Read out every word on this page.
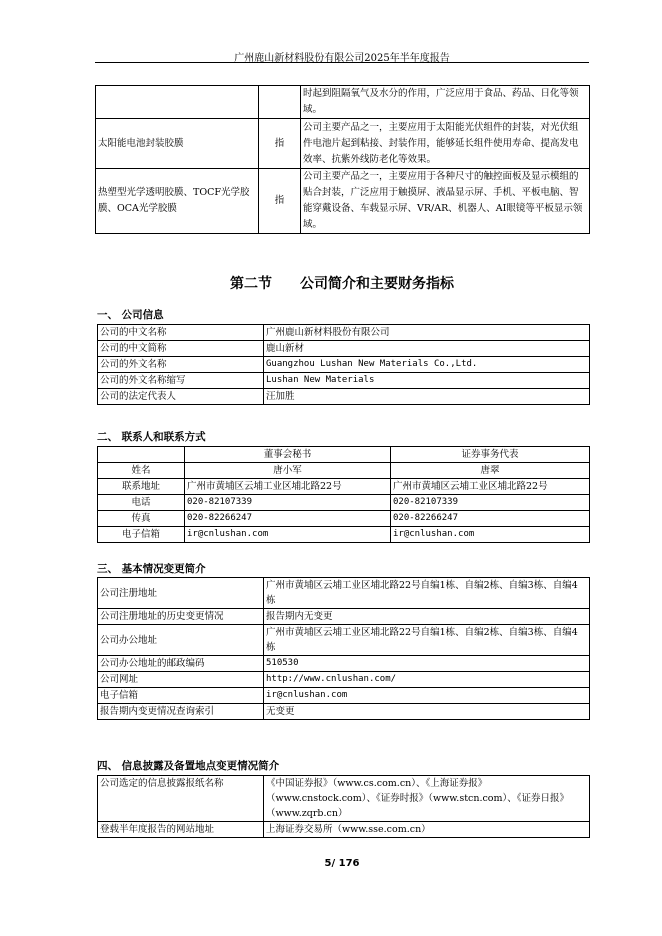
广州鹿山新材料股份有限公司2025年半年度报告
		时起到阻隔氧气及水分的作用，广泛应用于食品、药品、日化等领域。
太阳能电池封装胶膜	指	公司主要产品之一，主要应用于太阳能光伏组件的封装，对光伏组件电池片起到粘接、封装作用，能够延长组件使用寿命、提高发电效率、抗紫外线防老化等效果。
热塑型光学透明胶膜、TOCF光学胶膜、OCA光学胶膜	指	公司主要产品之一，主要应用于各种尺寸的触控面板及显示模组的贴合封装，广泛应用于触摸屏、液晶显示屏、手机、平板电脑、智能穿戴设备、车载显示屏、VR/AR、机器人、AI眼镜等平板显示领域。
第二节　　公司简介和主要财务指标
一、 公司信息
公司的中文名称	广州鹿山新材料股份有限公司
公司的中文简称	鹿山新材
公司的外文名称	Guangzhou Lushan New Materials Co.,Ltd.
公司的外文名称缩写	Lushan New Materials
公司的法定代表人	汪加胜
二、 联系人和联系方式
	董事会秘书	证券事务代表
姓名	唐小军	唐翠
联系地址	广州市黄埔区云埔工业区埔北路22号	广州市黄埔区云埔工业区埔北路22号
电话	020-82107339	020-82107339
传真	020-82266247	020-82266247
电子信箱	ir@cnlushan.com	ir@cnlushan.com
三、 基本情况变更简介
公司注册地址	广州市黄埔区云埔工业区埔北路22号自编1栋、自编2栋、自编3栋、自编4栋
公司注册地址的历史变更情况	报告期内无变更
公司办公地址	广州市黄埔区云埔工业区埔北路22号自编1栋、自编2栋、自编3栋、自编4栋
公司办公地址的邮政编码	510530
公司网址	http://www.cnlushan.com/
电子信箱	ir@cnlushan.com
报告期内变更情况查询索引	无变更
四、 信息披露及备置地点变更情况简介
公司选定的信息披露报纸名称	《中国证券报》（www.cs.com.cn）、《上海证券报》（www.cnstock.com）、《证券时报》（www.stcn.com）、《证券日报》（www.zqrb.cn）
登载半年度报告的网站地址	上海证券交易所（www.sse.com.cn）
5/ 176
